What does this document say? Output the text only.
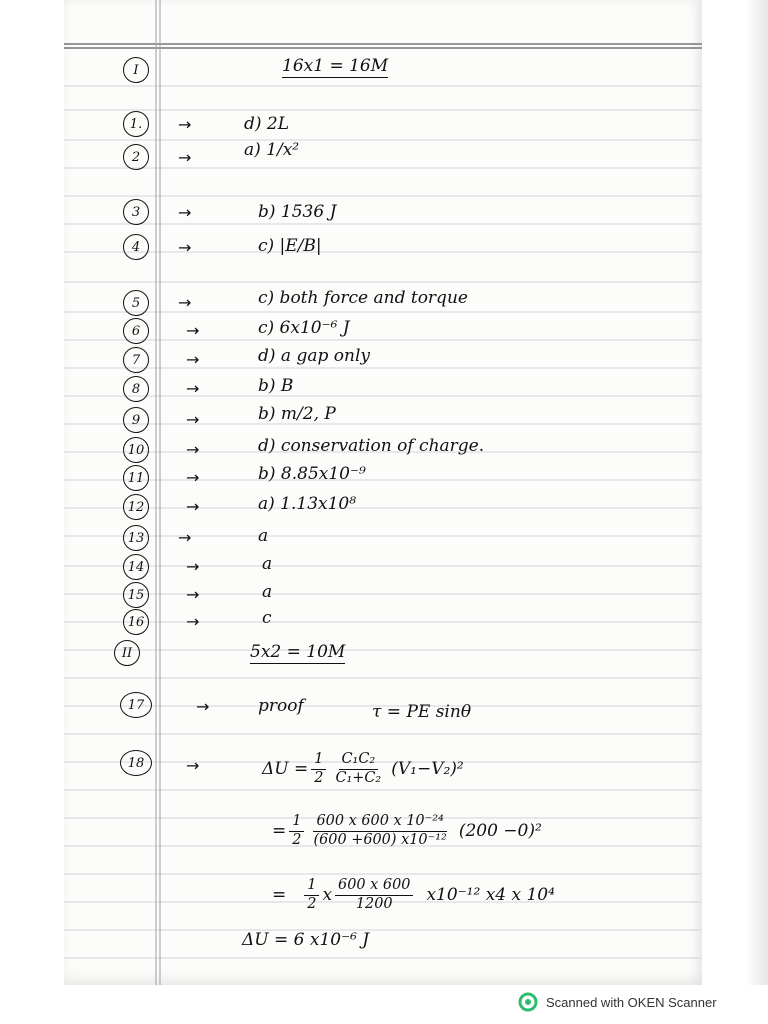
I	16x1 = 16M
1.	→	d) 2L
2	→	a) 1/x²
3	→	b) 1536 J
4	→	c) |E/B|
5	→	c) both force and torque
6	→	c) 6x10⁻⁶ J
7	→	d) a gap only
8	→	b) B
9	→	b) m/2, P
10	→	d) conservation of charge.
11	→	b) 8.85x10⁻⁹
12	→	a) 1.13x10⁸
13 →	a
14	→	a
15	→	a
16	→	c
II	5x2 = 10M
17	→	proof	τ = PE sinθ
18	→	$\Delta U = \frac{1}{2} \frac{\text{C₁C₂}}{\text{C₁+C₂}} (V_1-V_2)^2$
= $\frac{1}{2} \frac{\text{600 x 600 x 10⁻²⁴}}{\text{(600 +600) x10⁻¹²}} (200 -0)^2$
= $\frac{1}{2}$ x $\frac{600 x 600}{1200} x10^{-12}$ x4 x 10⁴
ΔU = 6 x10⁻⁶ J
Scanned with OKEN Scanner
